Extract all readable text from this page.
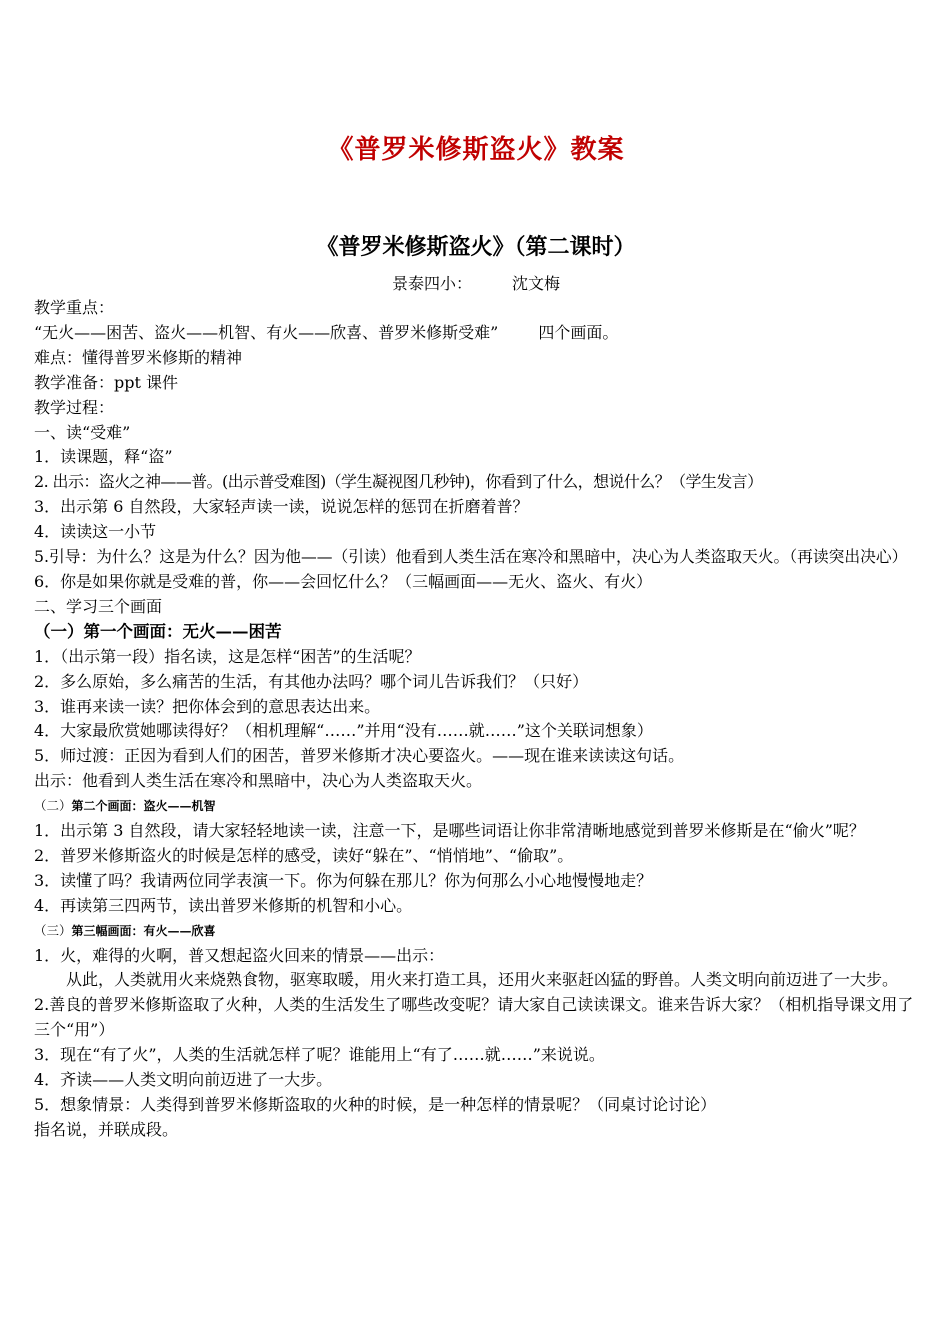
《普罗米修斯盗火》教案
《普罗米修斯盗火》（第二课时）
景泰四小：	沈文梅
教学重点：
“无火——困苦、盗火——机智、有火——欣喜、普罗米修斯受难”	四个画面。
难点：懂得普罗米修斯的精神
教学准备：ppt 课件
教学过程：
一、读“受难”
1．读课题，释“盗”
2. 出示：盗火之神——普。(出示普受难图)（学生凝视图几秒钟)，你看到了什么，想说什么？（学生发言）
3．出示第 6 自然段，大家轻声读一读，说说怎样的惩罚在折磨着普？
4．读读这一小节
5.引导：为什么？这是为什么？因为他——（引读）他看到人类生活在寒冷和黑暗中，决心为人类盗取天火。（再读突出决心）
6．你是如果你就是受难的普，你——会回忆什么？（三幅画面——无火、盗火、有火）
二、学习三个画面
（一）第一个画面：无火——困苦
1．（出示第一段）指名读，这是怎样“困苦”的生活呢？
2．多么原始，多么痛苦的生活，有其他办法吗？哪个词儿告诉我们？（只好）
3．谁再来读一读？把你体会到的意思表达出来。
4．大家最欣赏她哪读得好？（相机理解“……”并用“没有……就……”这个关联词想象）
5．师过渡：正因为看到人们的困苦，普罗米修斯才决心要盗火。——现在谁来读读这句话。
出示：他看到人类生活在寒冷和黑暗中，决心为人类盗取天火。
（二）第二个画面：盗火——机智
1．出示第 3 自然段，请大家轻轻地读一读，注意一下，是哪些词语让你非常清晰地感觉到普罗米修斯是在“偷火”呢？
2．普罗米修斯盗火的时候是怎样的感受，读好“躲在”、“悄悄地”、“偷取”。
3．读懂了吗？我请两位同学表演一下。你为何躲在那儿？你为何那么小心地慢慢地走？
4．再读第三四两节，读出普罗米修斯的机智和小心。
（三）第三幅画面：有火——欣喜
1．火，难得的火啊，普又想起盗火回来的情景——出示：
从此，人类就用火来烧熟食物，驱寒取暖，用火来打造工具，还用火来驱赶凶猛的野兽。人类文明向前迈进了一大步。
2.善良的普罗米修斯盗取了火种，人类的生活发生了哪些改变呢？请大家自己读读课文。谁来告诉大家？（相机指导课文用了三个“用”）
3．现在“有了火”，人类的生活就怎样了呢？谁能用上“有了……就……”来说说。
4．齐读——人类文明向前迈进了一大步。
5．想象情景：人类得到普罗米修斯盗取的火种的时候，是一种怎样的情景呢？（同桌讨论讨论）
指名说，并联成段。
